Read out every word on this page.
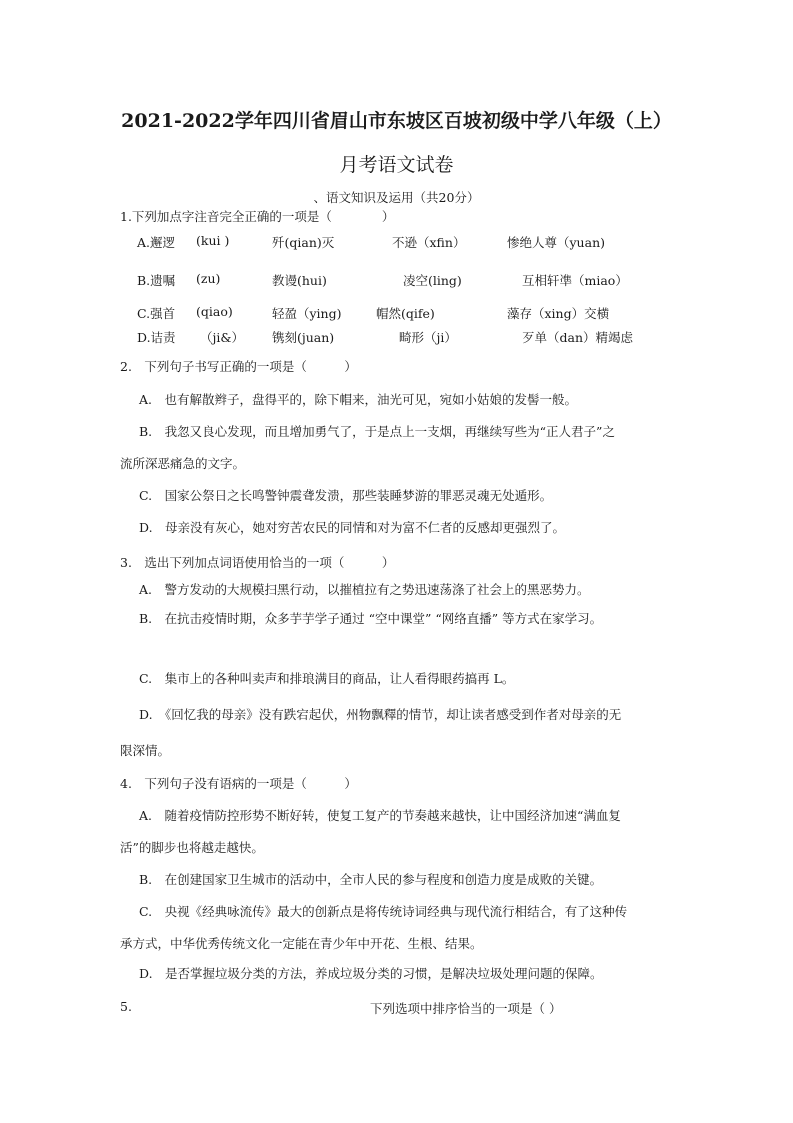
2021-2022学年四川省眉山市东坡区百坡初级中学八年级（上）
月考语文试卷
、语文知识及运用（共20分）
1.下列加点字注音完全正确的一项是（　　　　）
A.邂逻 (kui )	歼(qian)灭	不逊（xfin）	惨绝人尊（yuan)
B.遗嘱 (zu)	教谩(hui)	凌空(ling)	互相轩凖（miao）
C.强首 (qiao)	轻盈（ying)	帽然(qife)	藻存（xing）交横
D.诘责 （ji&） 镌刻(juan)	畸形（ji）	歹单（dan）精竭虑
2.　下列句子书写正确的一项是（　　　）
A.　也有解散辫子，盘得平的，除下帽来，油光可见，宛如小姑娘的发髻一般。
B.　我忽又良心发现，而且增加勇气了，于是点上一支烟，再继续写些为“正人君子”之
流所深恶痛急的文字。
C.　国家公祭日之长鸣警钟震聋发溃，那些装睡梦游的罪恶灵魂无处遁形。
D.　母亲没有灰心，她对穷苦农民的同情和对为富不仁者的反感却更强烈了。
3.　选出下列加点词语使用恰当的一项（　　　）
A.　警方发动的大规模扫黑行动，以摧植拉有之势迅速荡涤了社会上的黑恶势力。
B.　在抗击疫情时期，众多芋芋学子通过 “空中课堂” “网络直播” 等方式在家学习。
C.　集市上的各种叫卖声和排琅满目的商品，让人看得眼药搞再 L。
D.　《回忆我的母亲》没有跌宕起伏，州物飘釋的情节，却让读者感受到作者对母亲的无
限深情。
4.　下列句子没有语病的一项是（　　　）
A.　随着疫情防控形势不断好转，使复工复产的节奏越来越快，让中国经济加速“满血复
活”的脚步也将越走越快。
B.　在创建国家卫生城市的活动中，全市人民的参与程度和创造力度是成败的关键。
C.　央视《经典咏流传》最大的创新点是将传统诗词经典与现代流行相结合，有了这种传
承方式，中华优秀传统文化一定能在青少年中开花、生根、结果。
D.　是否掌握垃圾分类的方法，养成垃圾分类的习惯，是解决垃圾处理问题的保障。
5.	下列选项中排序恰当的一项是（ ）
